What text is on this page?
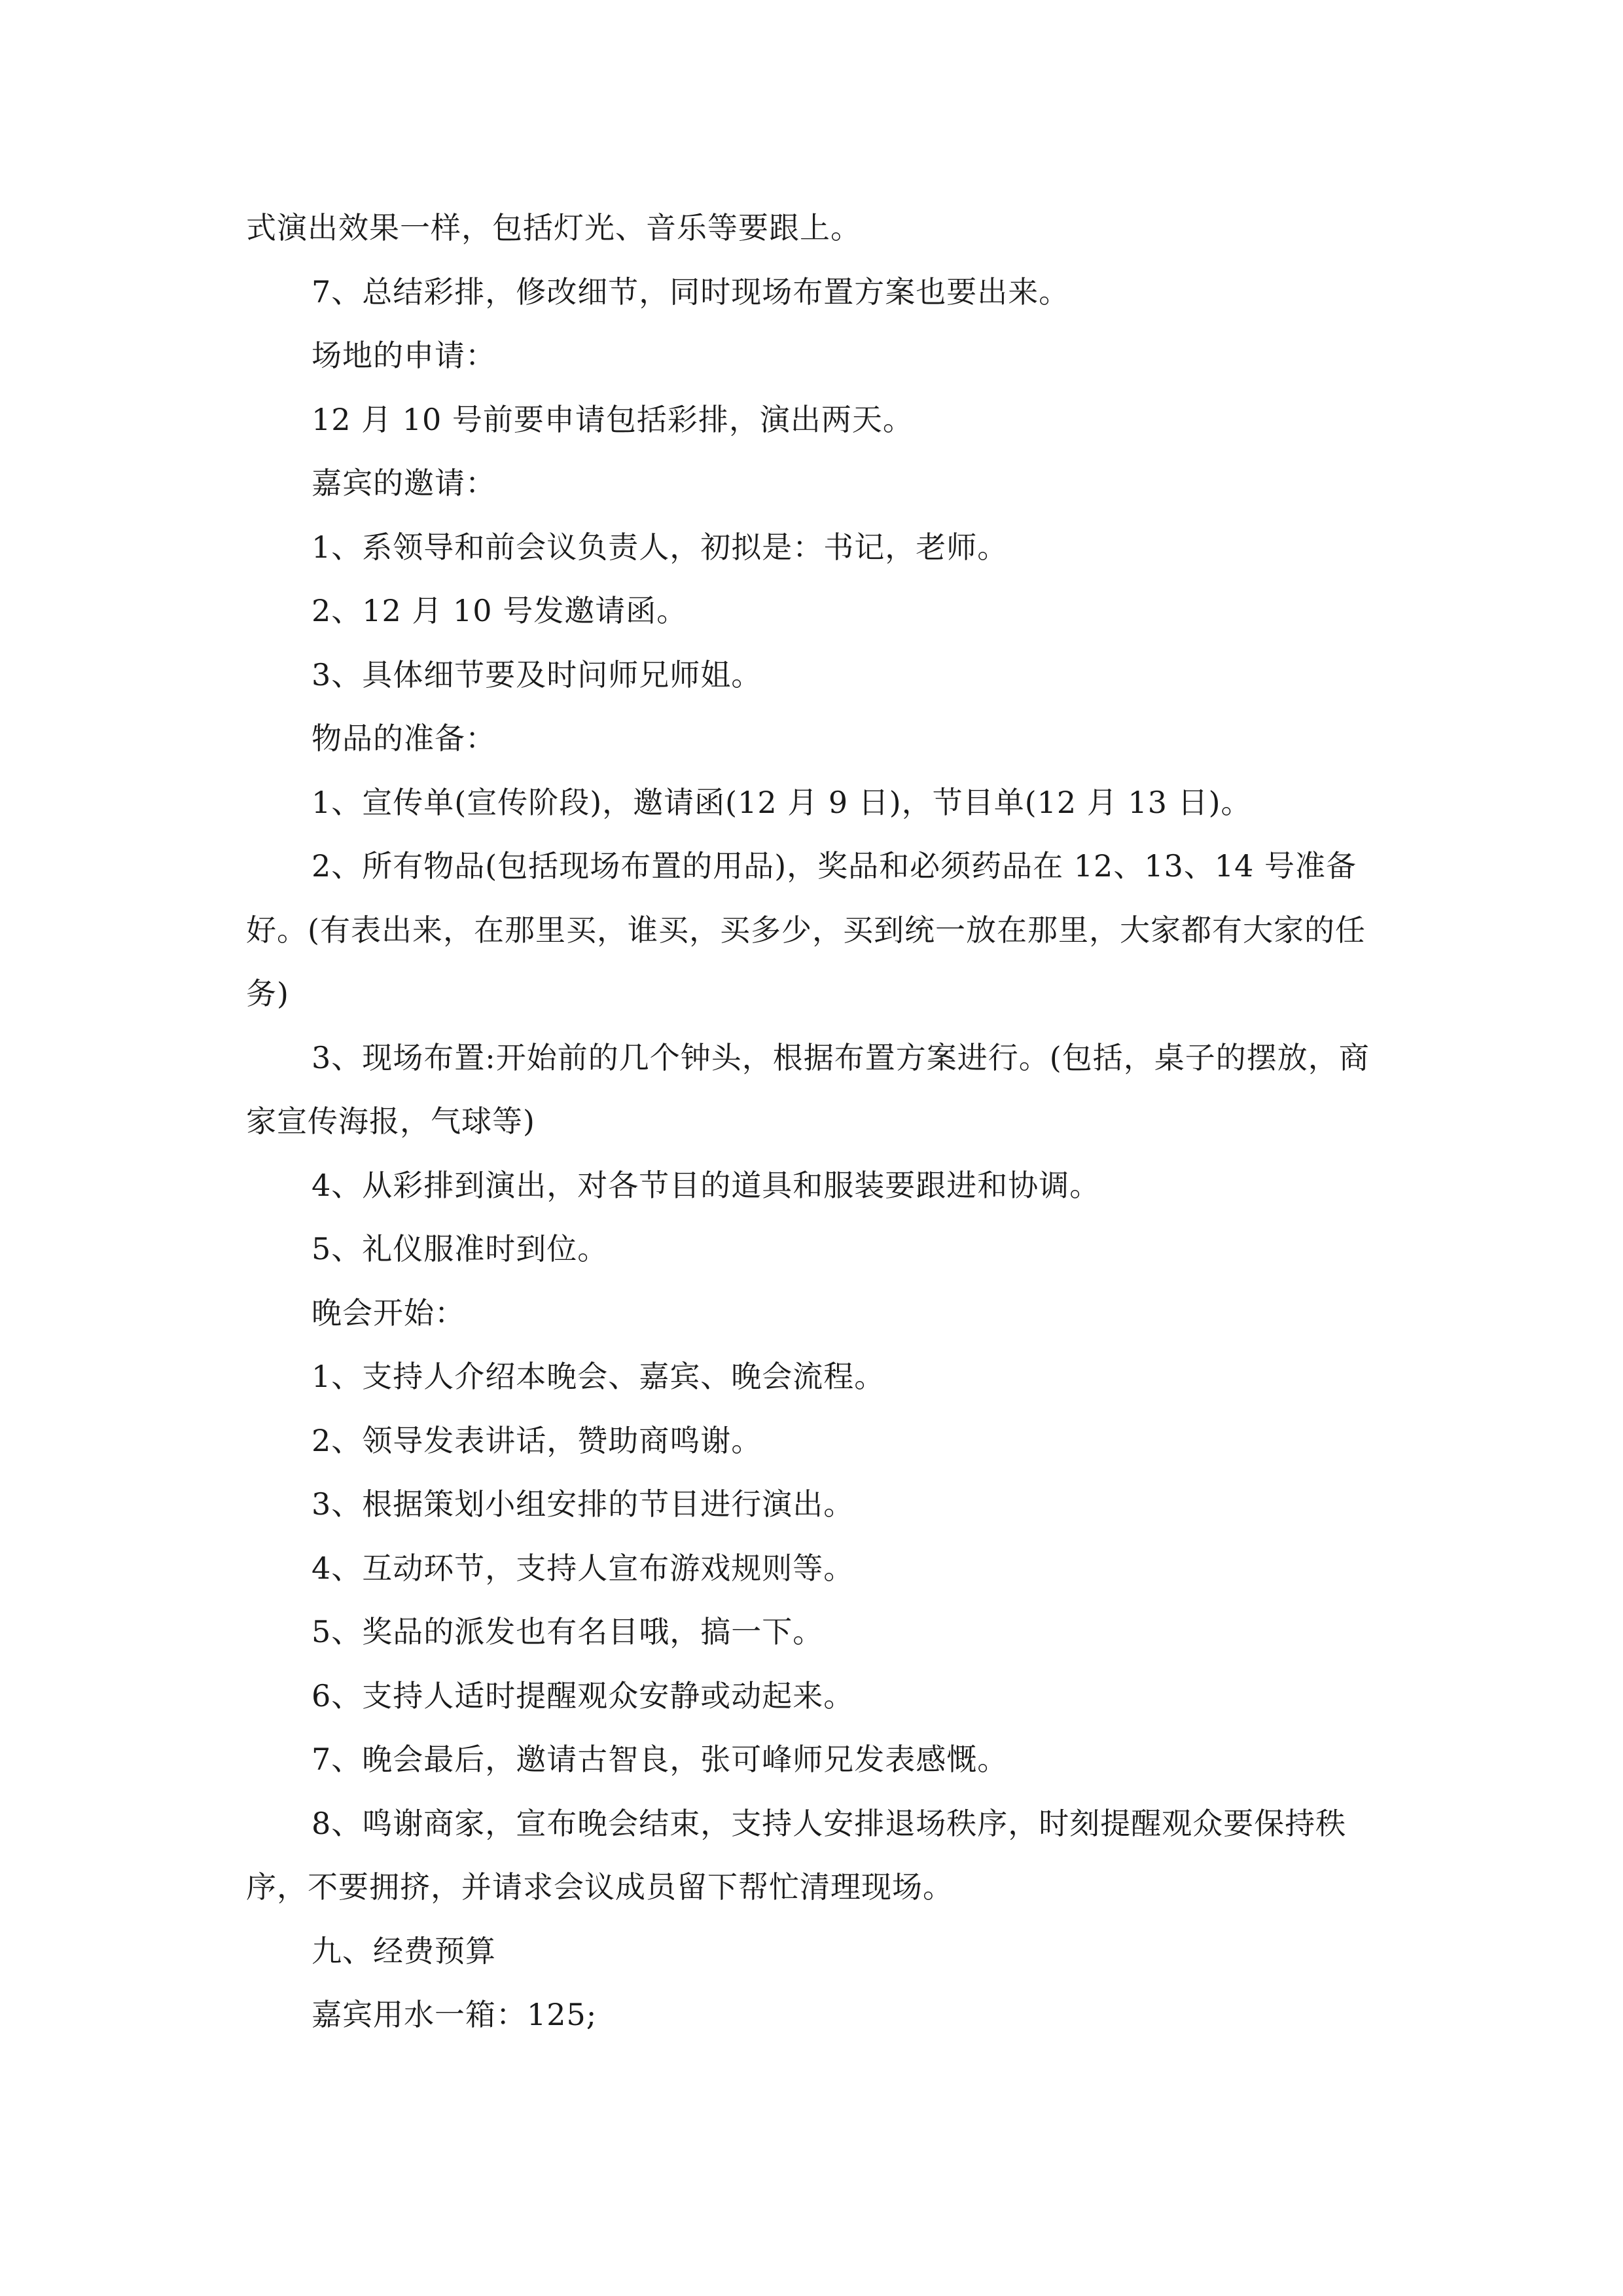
式演出效果一样，包括灯光、音乐等要跟上。

7、总结彩排，修改细节，同时现场布置方案也要出来。

场地的申请：

12 月 10 号前要申请包括彩排，演出两天。

嘉宾的邀请：

1、系领导和前会议负责人，初拟是：书记，老师。

2、12 月 10 号发邀请函。

3、具体细节要及时问师兄师姐。

物品的准备：

1、宣传单(宣传阶段)，邀请函(12 月 9 日)，节目单(12 月 13 日)。

2、所有物品(包括现场布置的用品)，奖品和必须药品在 12、13、14 号准备好。(有表出来，在那里买，谁买，买多少，买到统一放在那里，大家都有大家的任务)

3、现场布置:开始前的几个钟头，根据布置方案进行。(包括，桌子的摆放，商家宣传海报，气球等)

4、从彩排到演出，对各节目的道具和服装要跟进和协调。

5、礼仪服准时到位。

晚会开始：

1、支持人介绍本晚会、嘉宾、晚会流程。

2、领导发表讲话，赞助商鸣谢。

3、根据策划小组安排的节目进行演出。

4、互动环节，支持人宣布游戏规则等。

5、奖品的派发也有名目哦，搞一下。

6、支持人适时提醒观众安静或动起来。

7、晚会最后，邀请古智良，张可峰师兄发表感慨。

8、鸣谢商家，宣布晚会结束，支持人安排退场秩序，时刻提醒观众要保持秩序，不要拥挤，并请求会议成员留下帮忙清理现场。

九、经费预算

嘉宾用水一箱：125;
